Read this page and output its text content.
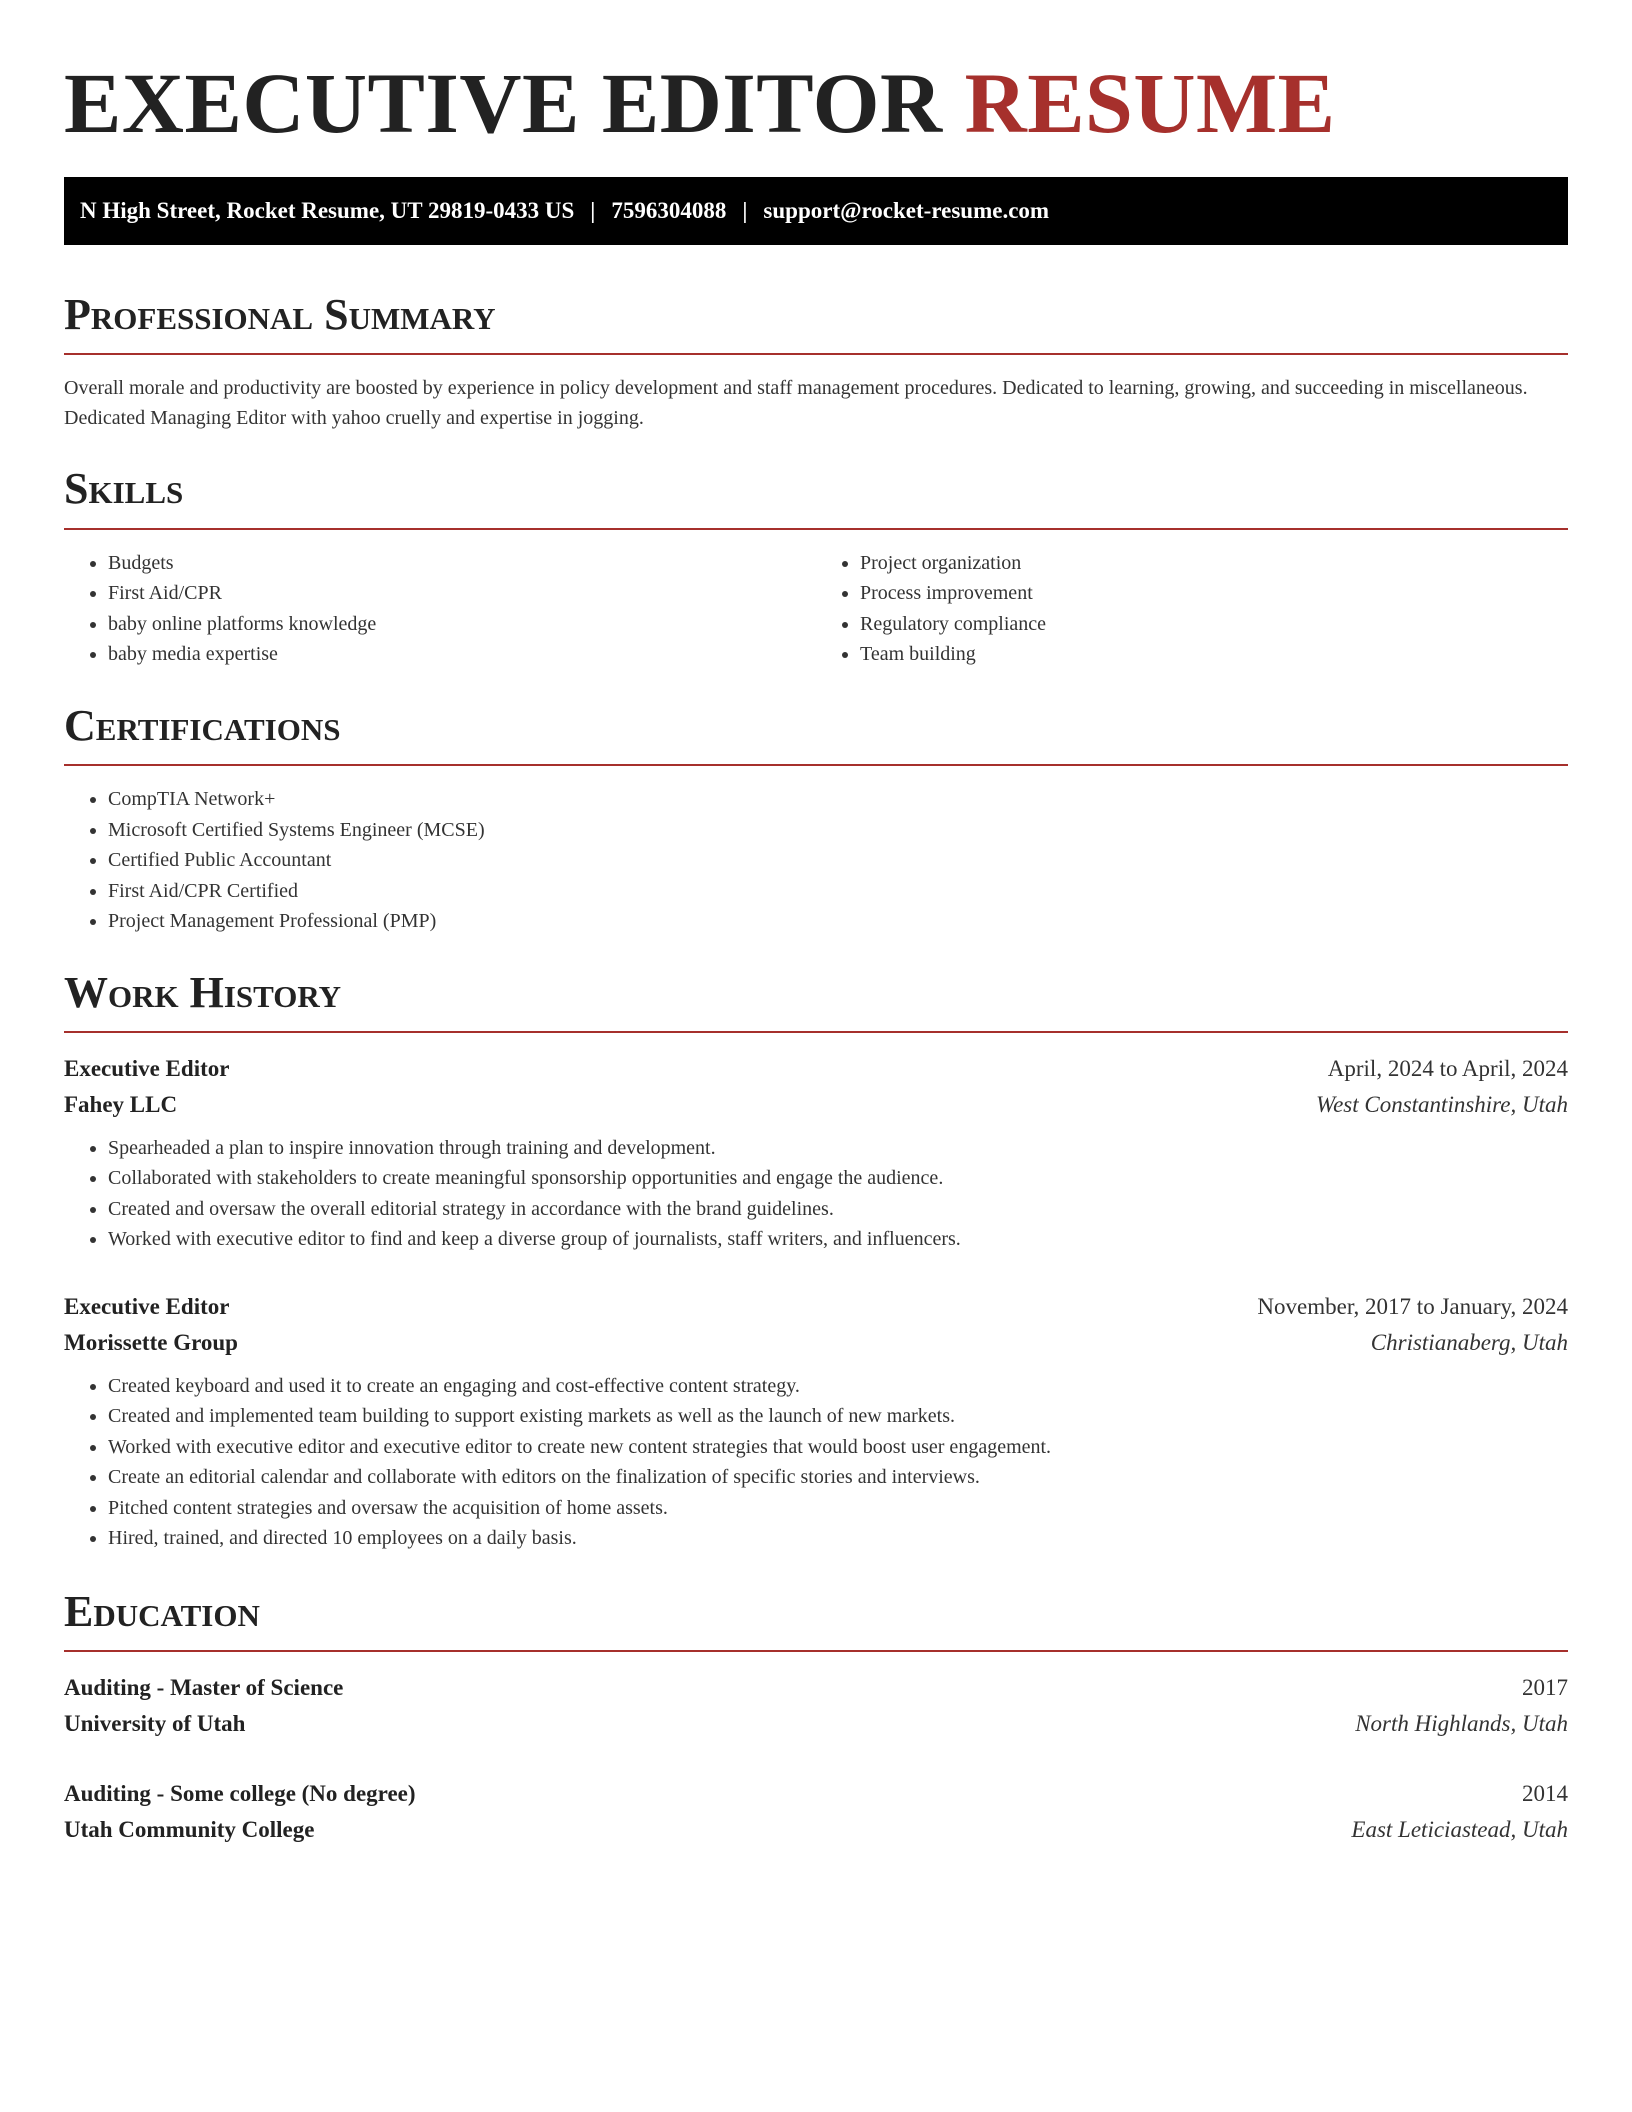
EXECUTIVE EDITOR RESUME
N High Street, Rocket Resume, UT 29819-0433 US | 7596304088 | support@rocket-resume.com
Professional Summary

Overall morale and productivity are boosted by experience in policy development and staff management procedures. Dedicated to learning, growing, and succeeding in miscellaneous. Dedicated Managing Editor with yahoo cruelly and expertise in jogging.

Skills
• Budgets
• First Aid/CPR
• baby online platforms knowledge
• baby media expertise
• Project organization
• Process improvement
• Regulatory compliance
• Team building
Certifications
• CompTIA Network+
• Microsoft Certified Systems Engineer (MCSE)
• Certified Public Accountant
• First Aid/CPR Certified
• Project Management Professional (PMP)
Work History
Executive Editor	April, 2024 to April, 2024
Fahey LLC	West Constantinshire, Utah
• Spearheaded a plan to inspire innovation through training and development.
• Collaborated with stakeholders to create meaningful sponsorship opportunities and engage the audience.
• Created and oversaw the overall editorial strategy in accordance with the brand guidelines.
• Worked with executive editor to find and keep a diverse group of journalists, staff writers, and influencers.
Executive Editor	November, 2017 to January, 2024
Morissette Group	Christianaberg, Utah
• Created keyboard and used it to create an engaging and cost-effective content strategy.
• Created and implemented team building to support existing markets as well as the launch of new markets.
• Worked with executive editor and executive editor to create new content strategies that would boost user engagement.
• Create an editorial calendar and collaborate with editors on the finalization of specific stories and interviews.
• Pitched content strategies and oversaw the acquisition of home assets.
• Hired, trained, and directed 10 employees on a daily basis.
Education
Auditing - Master of Science	2017
University of Utah	North Highlands, Utah
Auditing - Some college (No degree)	2014
Utah Community College	East Leticiastead, Utah
